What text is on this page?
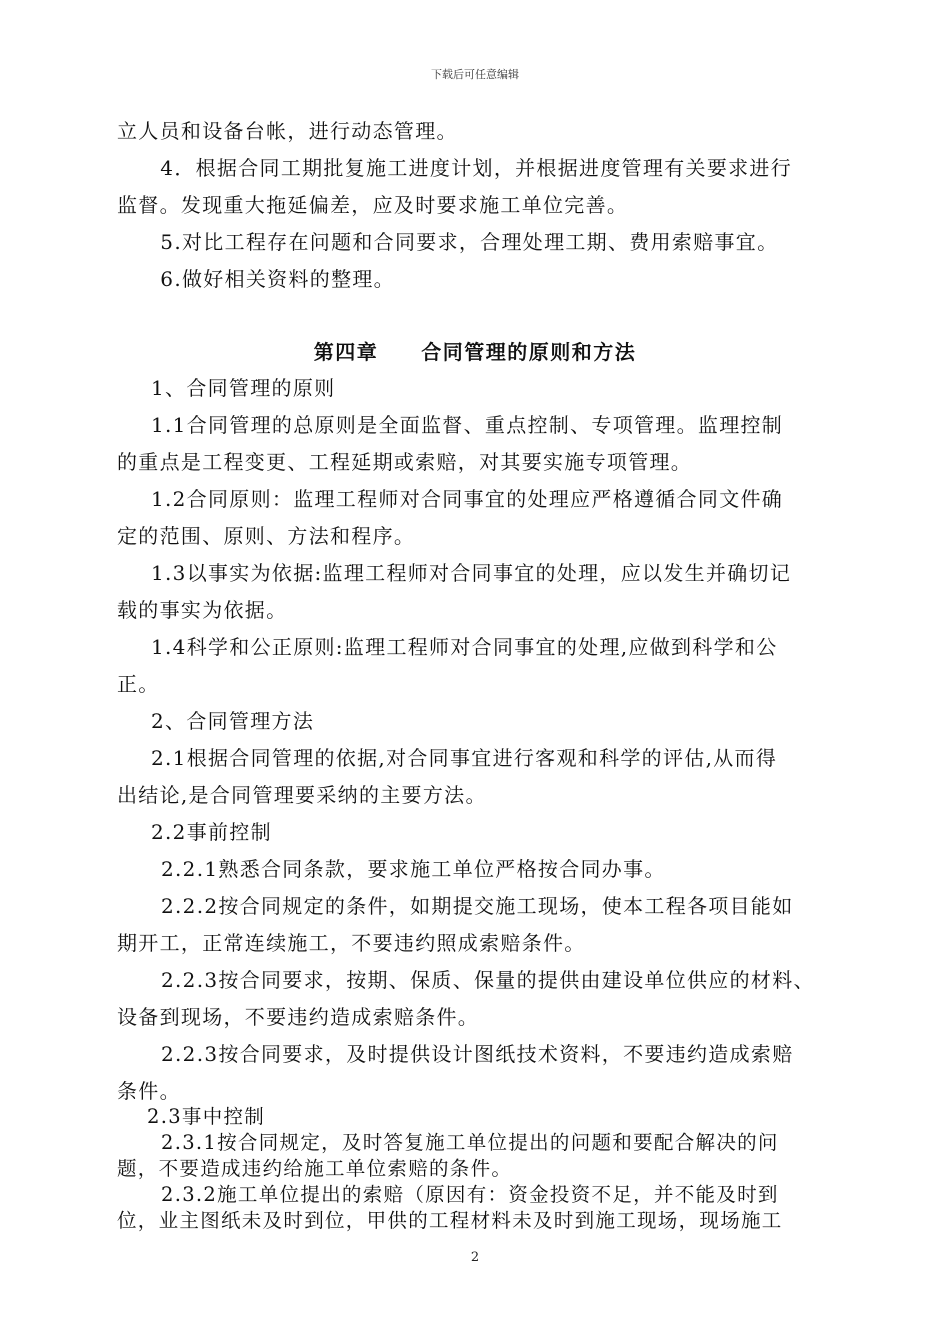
下载后可任意编辑

立人员和设备台帐，进行动态管理。

　4．根据合同工期批复施工进度计划，并根据进度管理有关要求进行

监督。发现重大拖延偏差，应及时要求施工单位完善。

　5.对比工程存在问题和合同要求，合理处理工期、费用索赔事宜。

　6.做好相关资料的整理。

第四章　　合同管理的原则和方法

1、合同管理的原则

1.1合同管理的总原则是全面监督、重点控制、专项管理。监理控制

的重点是工程变更、工程延期或索赔，对其要实施专项管理。

1.2合同原则：监理工程师对合同事宜的处理应严格遵循合同文件确

定的范围、原则、方法和程序。

1.3以事实为依据:监理工程师对合同事宜的处理，应以发生并确切记

载的事实为依据。

1.4科学和公正原则:监理工程师对合同事宜的处理,应做到科学和公

正。

2、合同管理方法

2.1根据合同管理的依据,对合同事宜进行客观和科学的评估,从而得

出结论,是合同管理要采纳的主要方法。

2.2事前控制

2.2.1熟悉合同条款，要求施工单位严格按合同办事。

2.2.2按合同规定的条件，如期提交施工现场，使本工程各项目能如

期开工，正常连续施工，不要违约照成索赔条件。

2.2.3按合同要求，按期、保质、保量的提供由建设单位供应的材料、

设备到现场，不要违约造成索赔条件。

2.2.3按合同要求，及时提供设计图纸技术资料，不要违约造成索赔

条件。

2.3事中控制

2.3.1按合同规定，及时答复施工单位提出的问题和要配合解决的问

题，不要造成违约给施工单位索赔的条件。

2.3.2施工单位提出的索赔（原因有：资金投资不足，并不能及时到

位，业主图纸未及时到位，甲供的工程材料未及时到施工现场，现场施工

2
